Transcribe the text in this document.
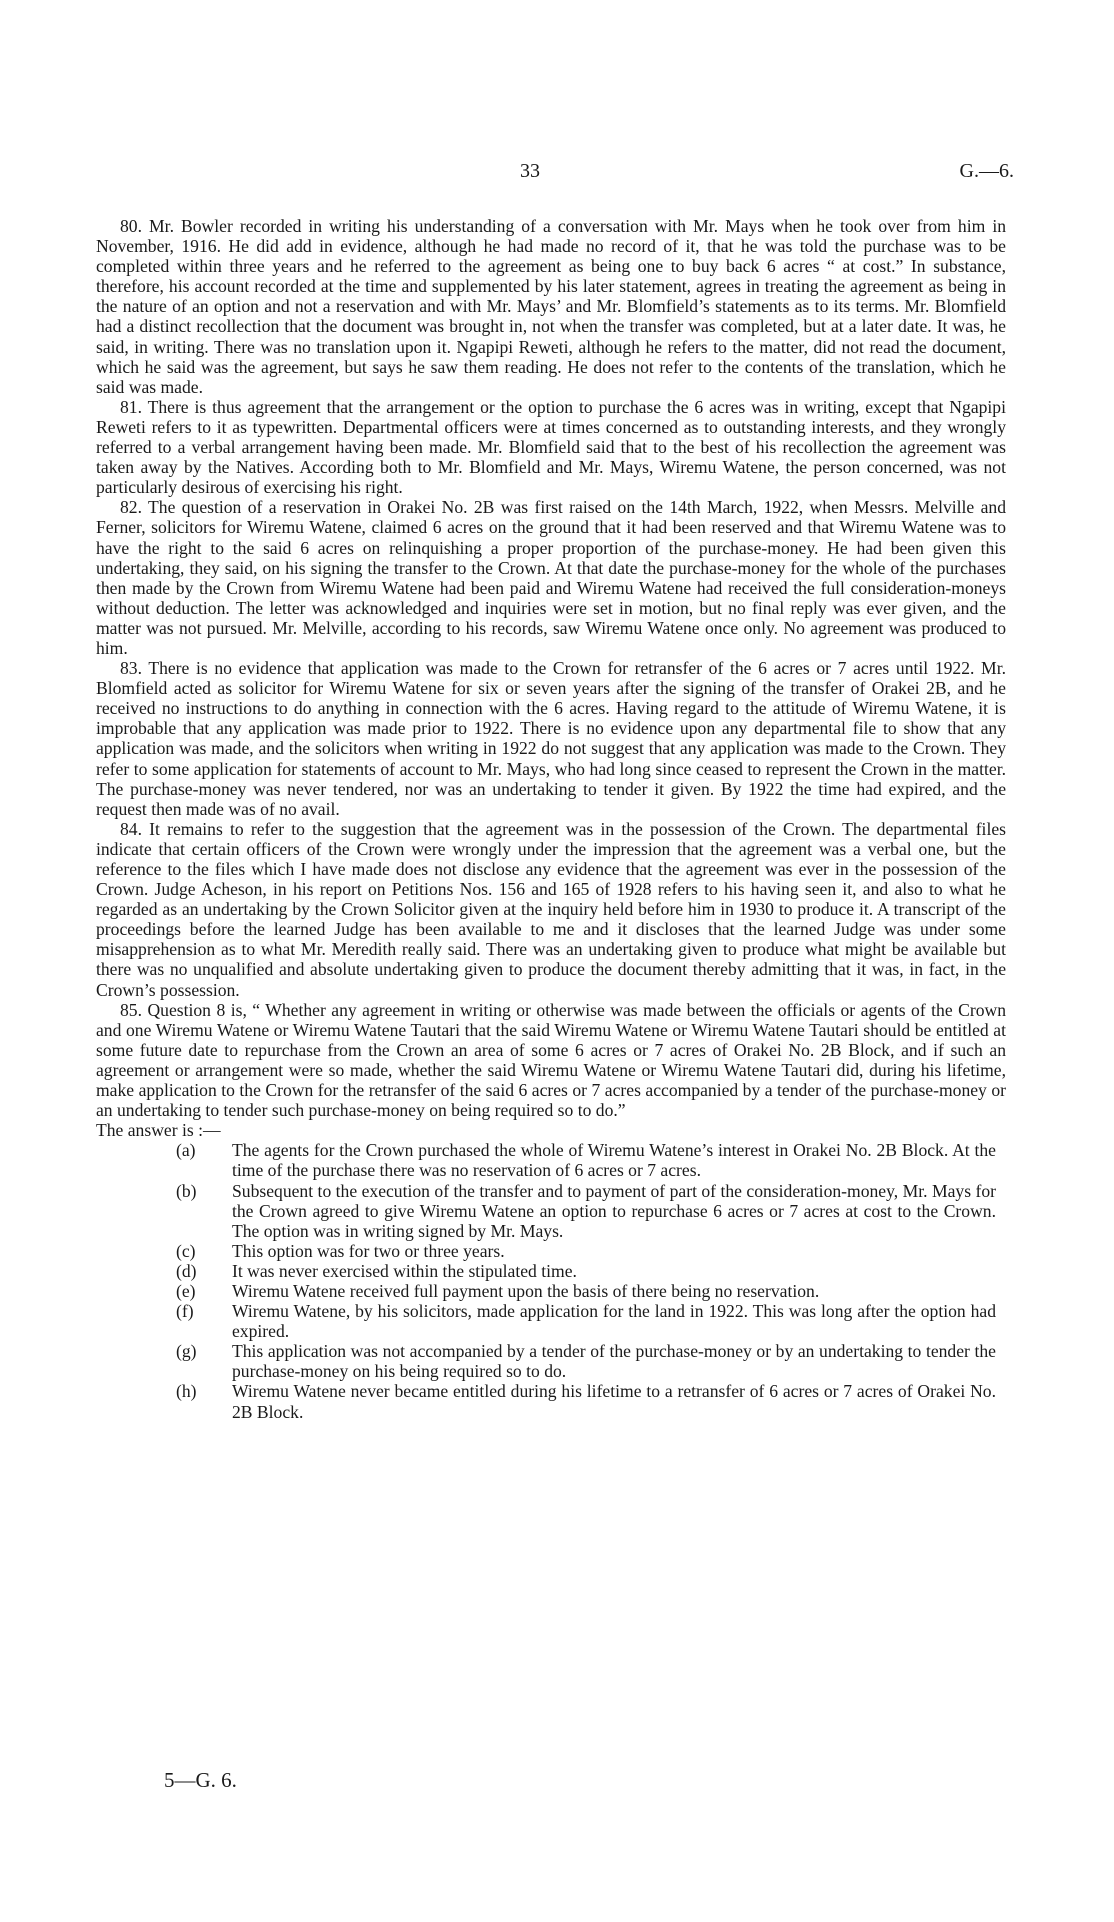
33	G.—6.

80. Mr. Bowler recorded in writing his understanding of a conversation with Mr. Mays when he took over from him in November, 1916. He did add in evidence, although he had made no record of it, that he was told the purchase was to be completed within three years and he referred to the agreement as being one to buy back 6 acres “ at cost.” In substance, therefore, his account recorded at the time and supplemented by his later statement, agrees in treating the agreement as being in the nature of an option and not a reservation and with Mr. Mays’ and Mr. Blomfield’s statements as to its terms. Mr. Blomfield had a distinct recollection that the document was brought in, not when the transfer was completed, but at a later date. It was, he said, in writing. There was no translation upon it. Ngapipi Reweti, although he refers to the matter, did not read the document, which he said was the agreement, but says he saw them reading. He does not refer to the contents of the translation, which he said was made.

81. There is thus agreement that the arrangement or the option to purchase the 6 acres was in writing, except that Ngapipi Reweti refers to it as typewritten. Departmental officers were at times concerned as to outstanding interests, and they wrongly referred to a verbal arrangement having been made. Mr. Blomfield said that to the best of his recollection the agreement was taken away by the Natives. According both to Mr. Blomfield and Mr. Mays, Wiremu Watene, the person concerned, was not particularly desirous of exercising his right.

82. The question of a reservation in Orakei No. 2B was first raised on the 14th March, 1922, when Messrs. Melville and Ferner, solicitors for Wiremu Watene, claimed 6 acres on the ground that it had been reserved and that Wiremu Watene was to have the right to the said 6 acres on relinquishing a proper proportion of the purchase-money. He had been given this undertaking, they said, on his signing the transfer to the Crown. At that date the purchase-money for the whole of the purchases then made by the Crown from Wiremu Watene had been paid and Wiremu Watene had received the full consideration-moneys without deduction. The letter was acknowledged and inquiries were set in motion, but no final reply was ever given, and the matter was not pursued. Mr. Melville, according to his records, saw Wiremu Watene once only. No agreement was produced to him.

83. There is no evidence that application was made to the Crown for retransfer of the 6 acres or 7 acres until 1922. Mr. Blomfield acted as solicitor for Wiremu Watene for six or seven years after the signing of the transfer of Orakei 2B, and he received no instructions to do anything in connection with the 6 acres. Having regard to the attitude of Wiremu Watene, it is improbable that any application was made prior to 1922. There is no evidence upon any departmental file to show that any application was made, and the solicitors when writing in 1922 do not suggest that any application was made to the Crown. They refer to some application for statements of account to Mr. Mays, who had long since ceased to represent the Crown in the matter. The purchase-money was never tendered, nor was an undertaking to tender it given. By 1922 the time had expired, and the request then made was of no avail.

84. It remains to refer to the suggestion that the agreement was in the possession of the Crown. The departmental files indicate that certain officers of the Crown were wrongly under the impression that the agreement was a verbal one, but the reference to the files which I have made does not disclose any evidence that the agreement was ever in the possession of the Crown. Judge Acheson, in his report on Petitions Nos. 156 and 165 of 1928 refers to his having seen it, and also to what he regarded as an undertaking by the Crown Solicitor given at the inquiry held before him in 1930 to produce it. A transcript of the proceedings before the learned Judge has been available to me and it discloses that the learned Judge was under some misapprehension as to what Mr. Meredith really said. There was an undertaking given to produce what might be available but there was no unqualified and absolute undertaking given to produce the document thereby admitting that it was, in fact, in the Crown’s possession.

85. Question 8 is, “ Whether any agreement in writing or otherwise was made between the officials or agents of the Crown and one Wiremu Watene or Wiremu Watene Tautari that the said Wiremu Watene or Wiremu Watene Tautari should be entitled at some future date to repurchase from the Crown an area of some 6 acres or 7 acres of Orakei No. 2B Block, and if such an agreement or arrangement were so made, whether the said Wiremu Watene or Wiremu Watene Tautari did, during his lifetime, make application to the Crown for the retransfer of the said 6 acres or 7 acres accompanied by a tender of the purchase-money or an undertaking to tender such purchase-money on being required so to do.”

The answer is :—

(a) The agents for the Crown purchased the whole of Wiremu Watene’s interest in Orakei No. 2B Block. At the time of the purchase there was no reservation of 6 acres or 7 acres.
(b) Subsequent to the execution of the transfer and to payment of part of the consideration-money, Mr. Mays for the Crown agreed to give Wiremu Watene an option to repurchase 6 acres or 7 acres at cost to the Crown. The option was in writing signed by Mr. Mays.
(c) This option was for two or three years.
(d) It was never exercised within the stipulated time.
(e) Wiremu Watene received full payment upon the basis of there being no reservation.
(f) Wiremu Watene, by his solicitors, made application for the land in 1922. This was long after the option had expired.
(g) This application was not accompanied by a tender of the purchase-money or by an undertaking to tender the purchase-money on his being required so to do.
(h) Wiremu Watene never became entitled during his lifetime to a retransfer of 6 acres or 7 acres of Orakei No. 2B Block.
5—G. 6.
